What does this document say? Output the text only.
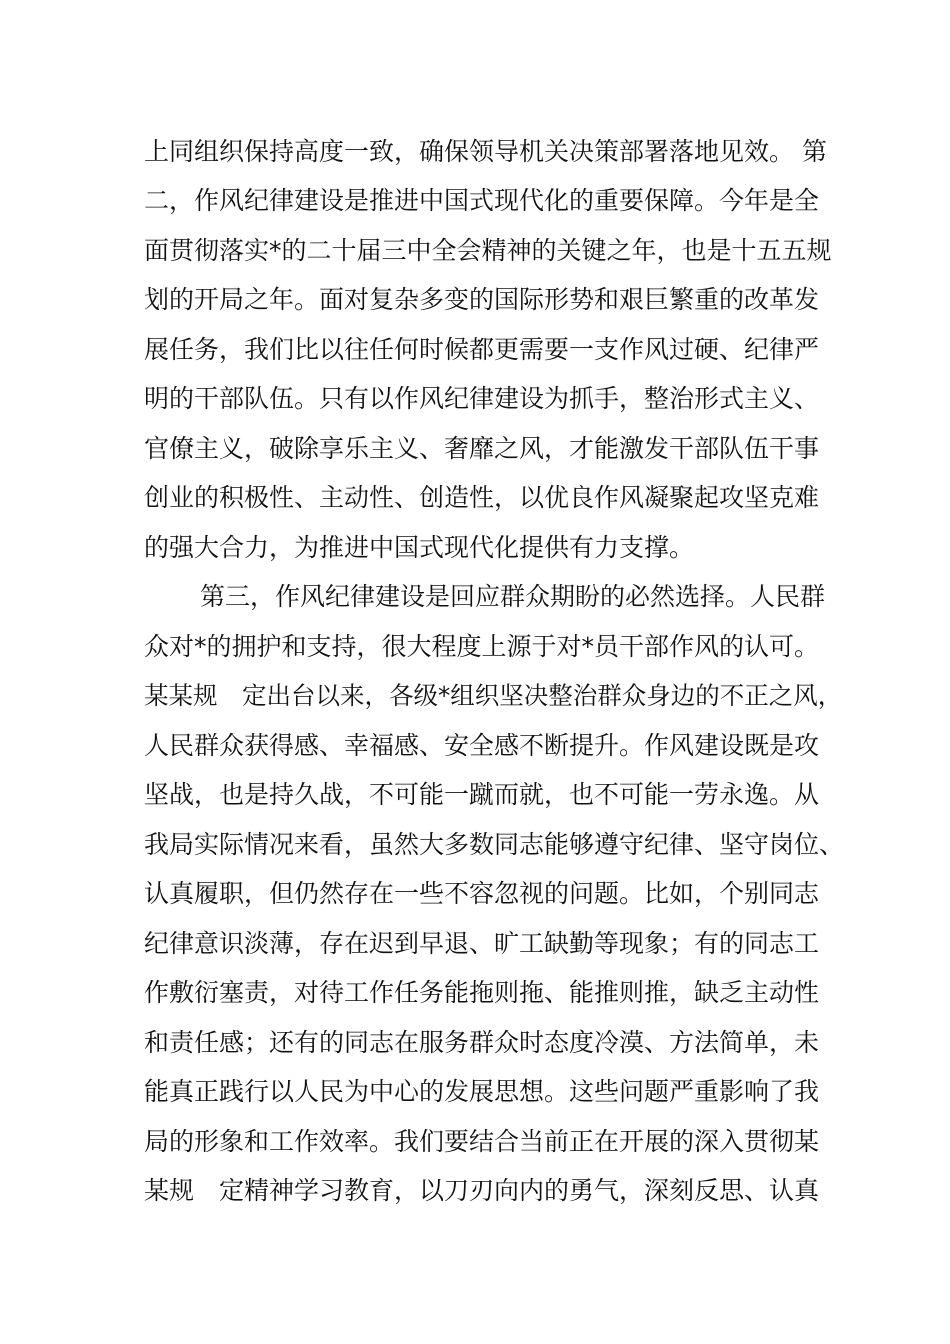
上同组织保持高度一致，确保领导机关决策部署落地见效。 第
二，作风纪律建设是推进中国式现代化的重要保障。今年是全
面贯彻落实*的二十届三中全会精神的关键之年，也是十五五规
划的开局之年。面对复杂多变的国际形势和艰巨繁重的改革发
展任务，我们比以往任何时候都更需要一支作风过硬、纪律严
明的干部队伍。只有以作风纪律建设为抓手，整治形式主义、
官僚主义，破除享乐主义、奢靡之风，才能激发干部队伍干事
创业的积极性、主动性、创造性，以优良作风凝聚起攻坚克难
的强大合力，为推进中国式现代化提供有力支撑。
第三，作风纪律建设是回应群众期盼的必然选择。人民群
众对*的拥护和支持，很大程度上源于对*员干部作风的认可。
某某规　定出台以来，各级*组织坚决整治群众身边的不正之风，
人民群众获得感、幸福感、安全感不断提升。作风建设既是攻
坚战，也是持久战，不可能一蹴而就，也不可能一劳永逸。从
我局实际情况来看，虽然大多数同志能够遵守纪律、坚守岗位、
认真履职，但仍然存在一些不容忽视的问题。比如，个别同志
纪律意识淡薄，存在迟到早退、旷工缺勤等现象；有的同志工
作敷衍塞责，对待工作任务能拖则拖、能推则推，缺乏主动性
和责任感；还有的同志在服务群众时态度冷漠、方法简单，未
能真正践行以人民为中心的发展思想。这些问题严重影响了我
局的形象和工作效率。我们要结合当前正在开展的深入贯彻某
某规　定精神学习教育，以刀刃向内的勇气，深刻反思、认真
